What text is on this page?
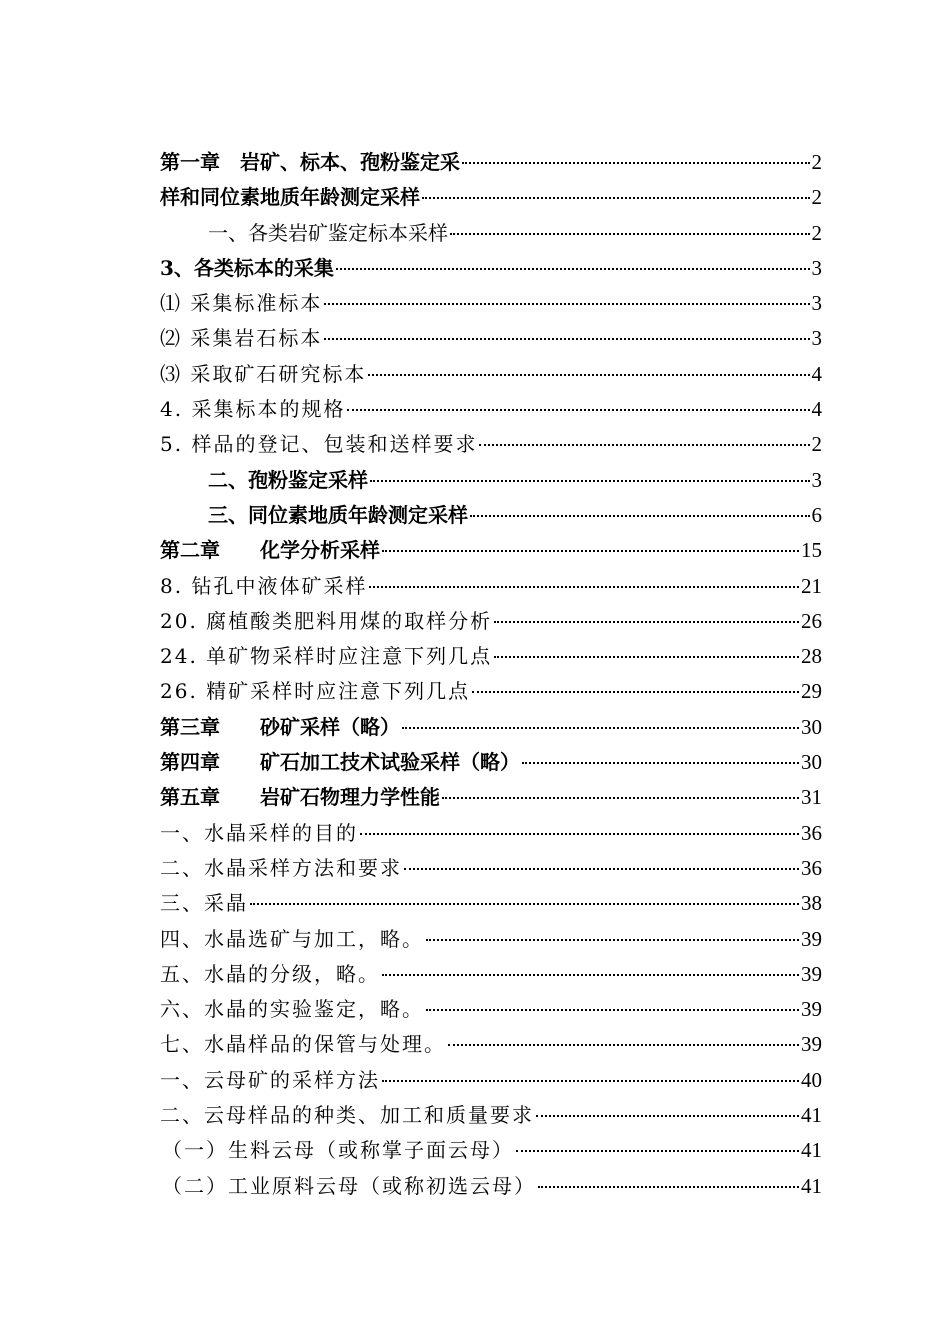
第一章　岩矿、标本、孢粉鉴定采	2
样和同位素地质年龄测定采样	2
一、各类岩矿鉴定标本采样	2
3、各类标本的采集	3
⑴ 采集标准标本	3
⑵ 采集岩石标本	3
⑶ 采取矿石研究标本	4
4. 采集标本的规格	4
5. 样品的登记、包装和送样要求	2
二、孢粉鉴定采样	3
三、同位素地质年龄测定采样	6
第二章　　化学分析采样	15
8. 钻孔中液体矿采样	21
20. 腐植酸类肥料用煤的取样分析	26
24. 单矿物采样时应注意下列几点	28
26. 精矿采样时应注意下列几点	29
第三章　　砂矿采样（略）	30
第四章　　矿石加工技术试验采样（略）	30
第五章　　岩矿石物理力学性能	31
一、水晶采样的目的	36
二、水晶采样方法和要求	36
三、采晶	38
四、水晶选矿与加工，略。	39
五、水晶的分级，略。	39
六、水晶的实验鉴定，略。	39
七、水晶样品的保管与处理。	39
一、云母矿的采样方法	40
二、云母样品的种类、加工和质量要求	41
（一）生料云母（或称掌子面云母）	41
（二）工业原料云母（或称初选云母）	41
